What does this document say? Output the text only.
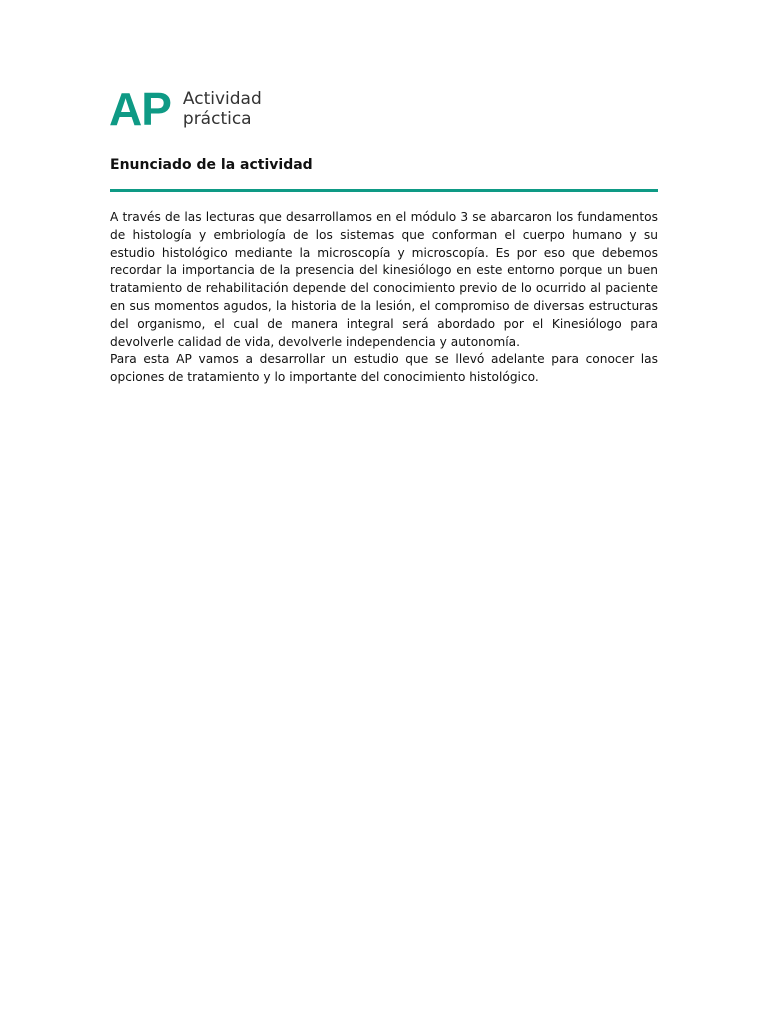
AP Actividad
práctica
Enunciado de la actividad

A través de las lecturas que desarrollamos en el módulo 3 se abarcaron los fundamentos de histología y embriología de los sistemas que conforman el cuerpo humano y su estudio histológico mediante la microscopía y microscopía. Es por eso que debemos recordar la importancia de la presencia del kinesiólogo en este entorno porque un buen tratamiento de rehabilitación depende del conocimiento previo de lo ocurrido al paciente en sus momentos agudos, la historia de la lesión, el compromiso de diversas estructuras del organismo, el cual de manera integral será abordado por el Kinesiólogo para devolverle calidad de vida, devolverle independencia y autonomía.

Para esta AP vamos a desarrollar un estudio que se llevó adelante para conocer las opciones de tratamiento y lo importante del conocimiento histológico.
